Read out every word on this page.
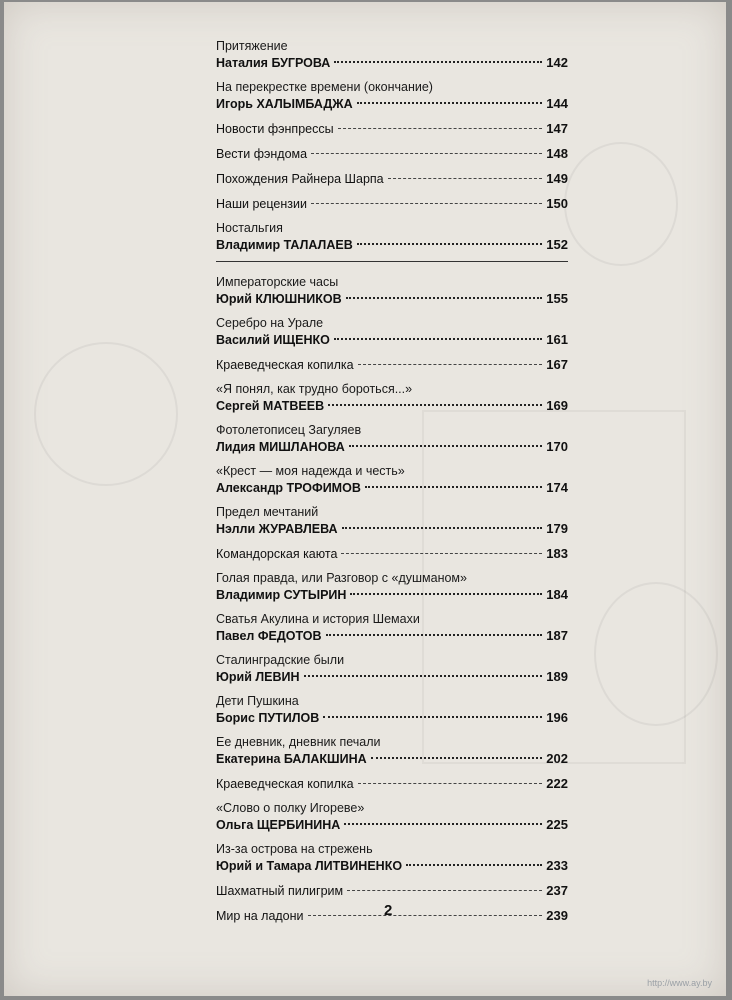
Притяжение
Наталия БУГРОВА	142
На перекрестке времени (окончание)
Игорь ХАЛЫМБАДЖА	144
Новости фэнпрессы	147
Вести фэндома	148
Похождения Райнера Шарпа	149
Наши рецензии	150
Ностальгия
Владимир ТАЛАЛАЕВ	152
Императорские часы
Юрий КЛЮШНИКОВ	155
Серебро на Урале
Василий ИЩЕНКО	161
Краеведческая копилка	167
«Я понял, как трудно бороться...»
Сергей МАТВЕЕВ	169
Фотолетописец Загуляев
Лидия МИШЛАНОВА	170
«Крест — моя надежда и честь»
Александр ТРОФИМОВ	174
Предел мечтаний
Нэлли ЖУРАВЛЕВА	179
Командорская каюта	183
Голая правда, или Разговор с «душманом»
Владимир СУТЫРИН	184
Сватья Акулина и история Шемахи
Павел ФЕДОТОВ	187
Сталинградские были
Юрий ЛЕВИН	189
Дети Пушкина
Борис ПУТИЛОВ	196
Ее дневник, дневник печали
Екатерина БАЛАКШИНА	202
Краеведческая копилка	222
«Слово о полку Игореве»
Ольга ЩЕРБИНИНА	225
Из-за острова на стрежень
Юрий и Тамара ЛИТВИНЕНКО	233
Шахматный пилигрим	237
Мир на ладони	239
2
http://www.ay.by
